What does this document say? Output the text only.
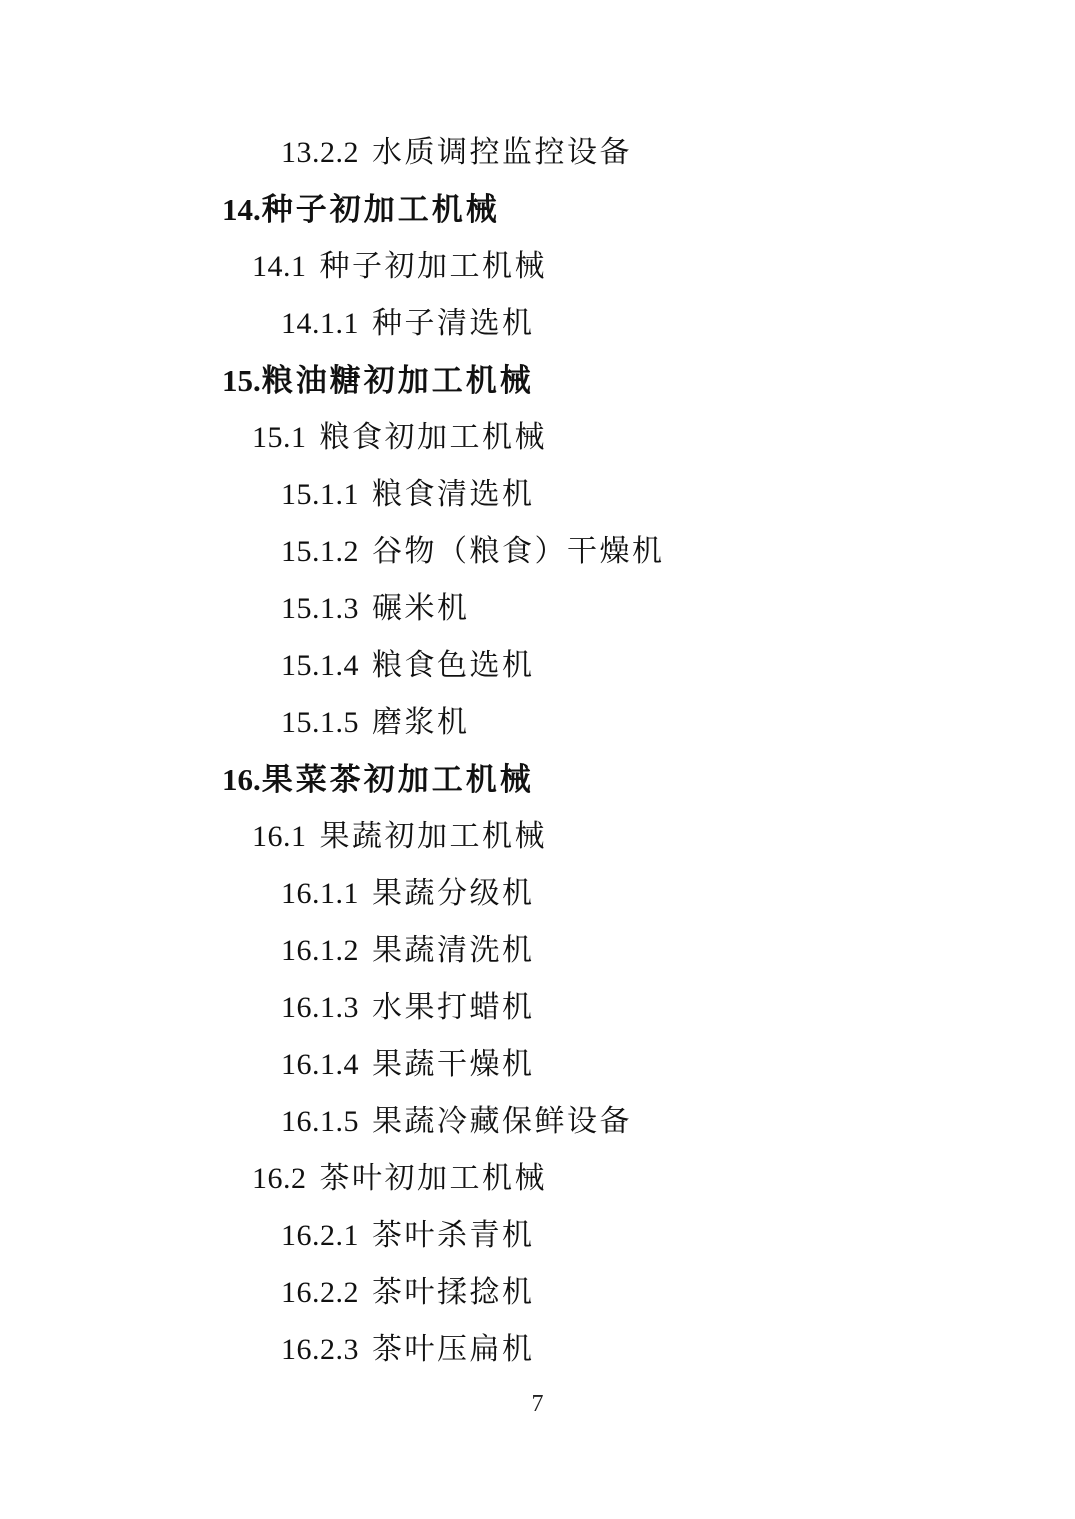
13.2.2 水质调控监控设备
14.种子初加工机械
14.1 种子初加工机械
14.1.1 种子清选机
15.粮油糖初加工机械
15.1 粮食初加工机械
15.1.1 粮食清选机
15.1.2 谷物（粮食）干燥机
15.1.3 碾米机
15.1.4 粮食色选机
15.1.5 磨浆机
16.果菜茶初加工机械
16.1 果蔬初加工机械
16.1.1 果蔬分级机
16.1.2 果蔬清洗机
16.1.3 水果打蜡机
16.1.4 果蔬干燥机
16.1.5 果蔬冷藏保鲜设备
16.2 茶叶初加工机械
16.2.1 茶叶杀青机
16.2.2 茶叶揉捻机
16.2.3 茶叶压扁机
7
